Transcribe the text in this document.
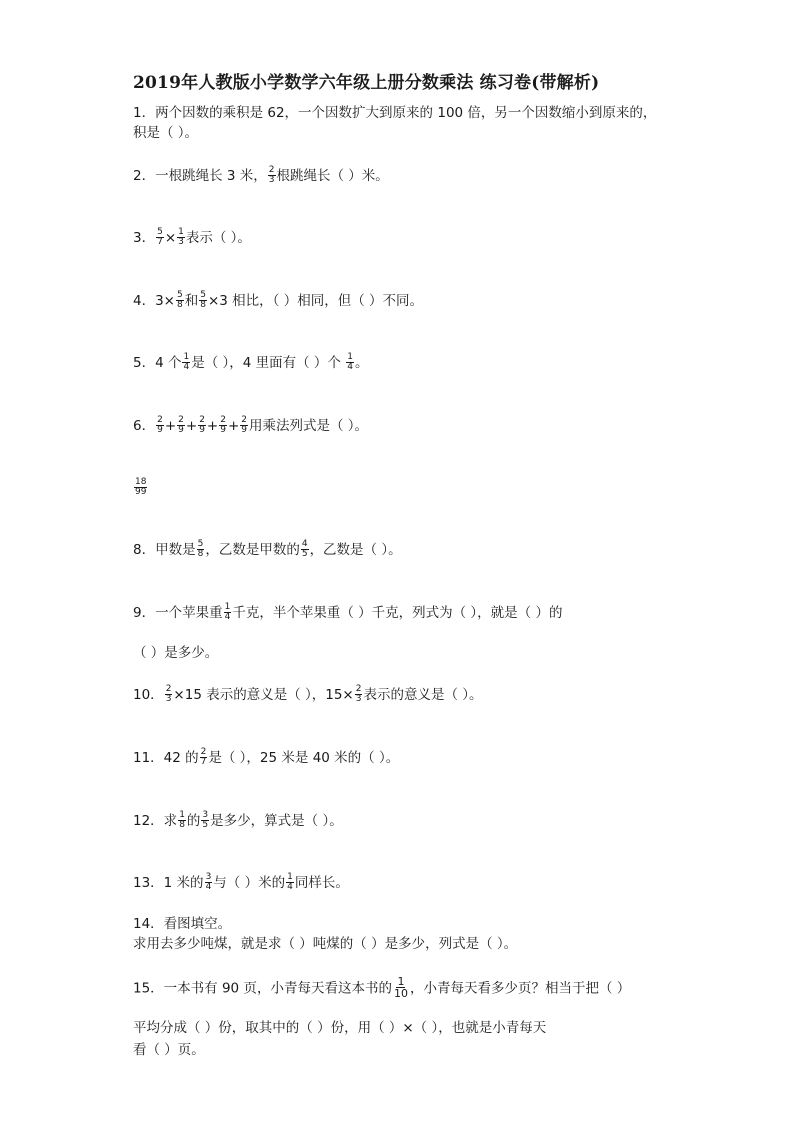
2019年人教版小学数学六年级上册分数乘法 练习卷(带解析)
1．两个因数的乘积是 62，一个因数扩大到原来的 100 倍，另一个因数缩小到原来的，
积是（ ）。
2．一根跳绳长 3 米， $\frac{2}{3}$ 根跳绳长（ ）米。
3． $\frac{5}{7} \times \frac{1}{3}$ 表示（ ）。
4．$3\times \frac{5}{8}$ 和 $\frac{5}{8} \times 3$ 相比，（ ）相同，但（ ）不同。
5．4 个 $\frac{1}{4}$ 是（ ），4 里面有（ ）个 $\frac{1}{4}$ 。
6． $\frac{2}{9} + \frac{2}{9} + \frac{2}{9} + \frac{2}{9} + \frac{2}{9}$ 用乘法列式是（ ）。
$\frac{18}{99}$
8．甲数是 $\frac{5}{8}$ ，乙数是甲数的 $\frac{4}{5}$ ，乙数是（ ）。
9．一个苹果重 $\frac{1}{4}$ 千克，半个苹果重（ ）千克，列式为（ ），就是（ ）的
（ ）是多少。
10． $\frac{2}{3} \times 15$ 表示的意义是（ ），$15\times \frac{2}{3}$ 表示的意义是（ ）。
11．42 的 $\frac{2}{7}$ 是（ ），25 米是 40 米的（ ）。
12．求 $\frac{1}{8}$ 的 $\frac{3}{5}$ 是多少，算式是（ ）。
13．1 米的 $\frac{3}{4}$ 与（ ）米的 $\frac{1}{4}$ 同样长。
14．看图填空。
求用去多少吨煤，就是求（ ）吨煤的（ ）是多少，列式是（ ）。
15．一本书有 90 页，小青每天看这本书的 $\frac{1}{10}$ ，小青每天看多少页？相当于把（ ）
平均分成（ ）份，取其中的（ ）份，用（ ）×（ ），也就是小青每天
看（ ）页。
